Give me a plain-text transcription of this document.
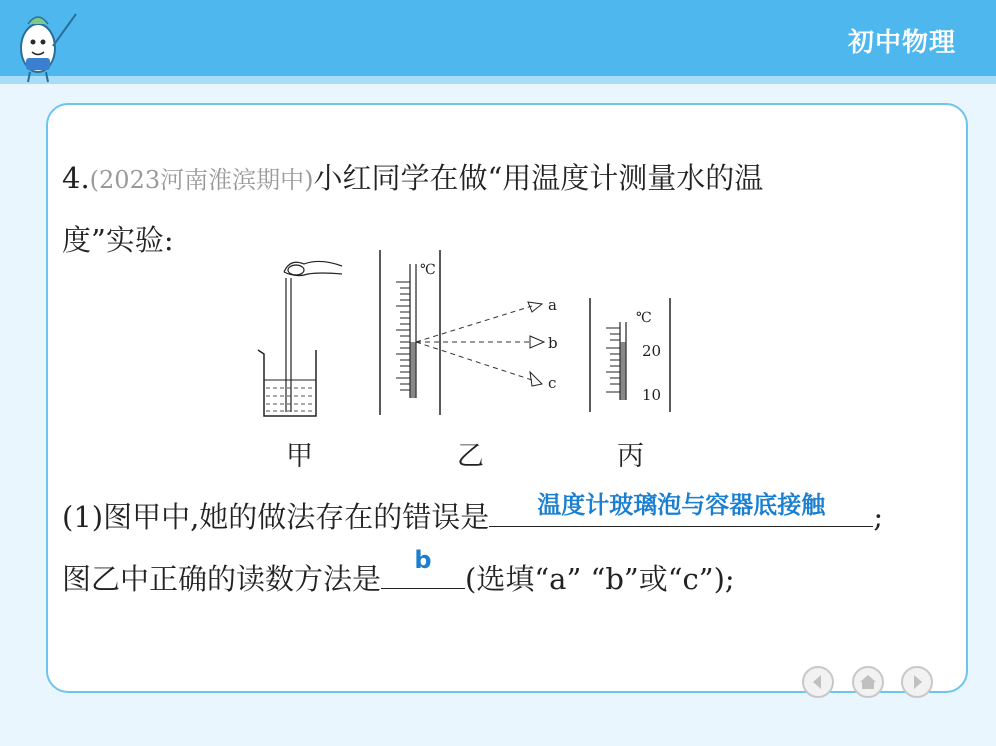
初中物理
4.(2023河南淮滨期中)小红同学在做“用温度计测量水的温
度”实验:
℃
a
b
c
℃
20
10
甲	乙	丙
(1)图甲中,她的做法存在的错误是	温度计玻璃泡与容器底接触	;
图乙中正确的读数方法是
b
(选填“a” “b”或“c”);
